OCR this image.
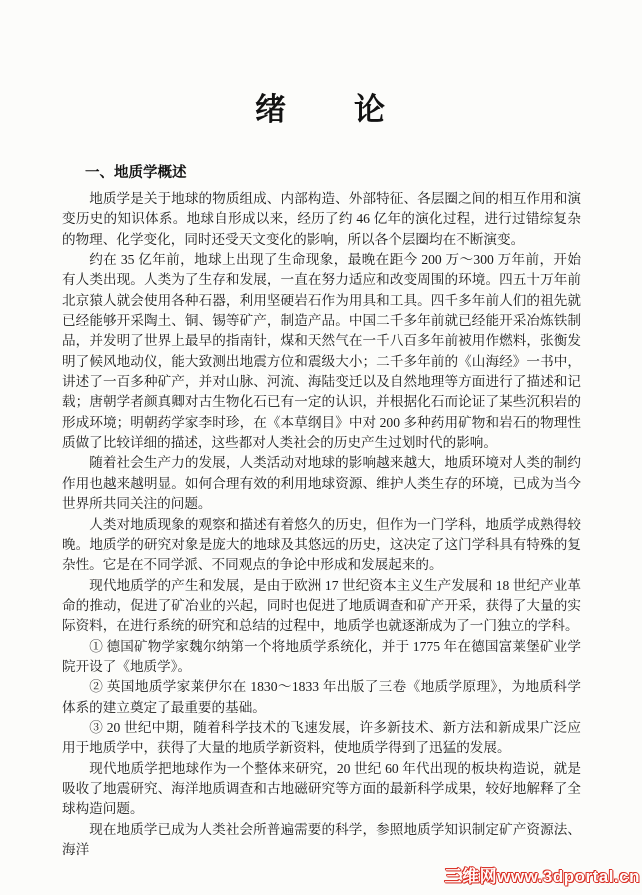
绪　　论
一、地质学概述

地质学是关于地球的物质组成、内部构造、外部特征、各层圈之间的相互作用和演变历史的知识体系。地球自形成以来，经历了约 46 亿年的演化过程，进行过错综复杂的物理、化学变化，同时还受天文变化的影响，所以各个层圈均在不断演变。

约在 35 亿年前，地球上出现了生命现象，最晚在距今 200 万～300 万年前，开始有人类出现。人类为了生存和发展，一直在努力适应和改变周围的环境。四五十万年前北京猿人就会使用各种石器，利用坚硬岩石作为用具和工具。四千多年前人们的祖先就已经能够开采陶土、铜、锡等矿产，制造产品。中国二千多年前就已经能开采冶炼铁制品，并发明了世界上最早的指南针，煤和天然气在一千八百多年前被用作燃料，张衡发明了候风地动仪，能大致测出地震方位和震级大小；二千多年前的《山海经》一书中，讲述了一百多种矿产，并对山脉、河流、海陆变迁以及自然地理等方面进行了描述和记载；唐朝学者颜真卿对古生物化石已有一定的认识，并根据化石而论证了某些沉积岩的形成环境；明朝药学家李时珍，在《本草纲目》中对 200 多种药用矿物和岩石的物理性质做了比较详细的描述，这些都对人类社会的历史产生过划时代的影响。

随着社会生产力的发展，人类活动对地球的影响越来越大，地质环境对人类的制约作用也越来越明显。如何合理有效的利用地球资源、维护人类生存的环境，已成为当今世界所共同关注的问题。

人类对地质现象的观察和描述有着悠久的历史，但作为一门学科，地质学成熟得较晚。地质学的研究对象是庞大的地球及其悠远的历史，这决定了这门学科具有特殊的复杂性。它是在不同学派、不同观点的争论中形成和发展起来的。

现代地质学的产生和发展，是由于欧洲 17 世纪资本主义生产发展和 18 世纪产业革命的推动，促进了矿冶业的兴起，同时也促进了地质调查和矿产开采，获得了大量的实际资料，在进行系统的研究和总结的过程中，地质学也就逐渐成为了一门独立的学科。

① 德国矿物学家魏尔纳第一个将地质学系统化，并于 1775 年在德国富莱堡矿业学院开设了《地质学》。

② 英国地质学家莱伊尔在 1830～1833 年出版了三卷《地质学原理》，为地质科学体系的建立奠定了最重要的基础。

③ 20 世纪中期，随着科学技术的飞速发展，许多新技术、新方法和新成果广泛应用于地质学中，获得了大量的地质学新资料，使地质学得到了迅猛的发展。

现代地质学把地球作为一个整体来研究，20 世纪 60 年代出现的板块构造说，就是吸收了地震研究、海洋地质调查和古地磁研究等方面的最新科学成果，较好地解释了全球构造问题。

现在地质学已成为人类社会所普遍需要的科学，参照地质学知识制定矿产资源法、海洋

三维网www.3dportal.cn
